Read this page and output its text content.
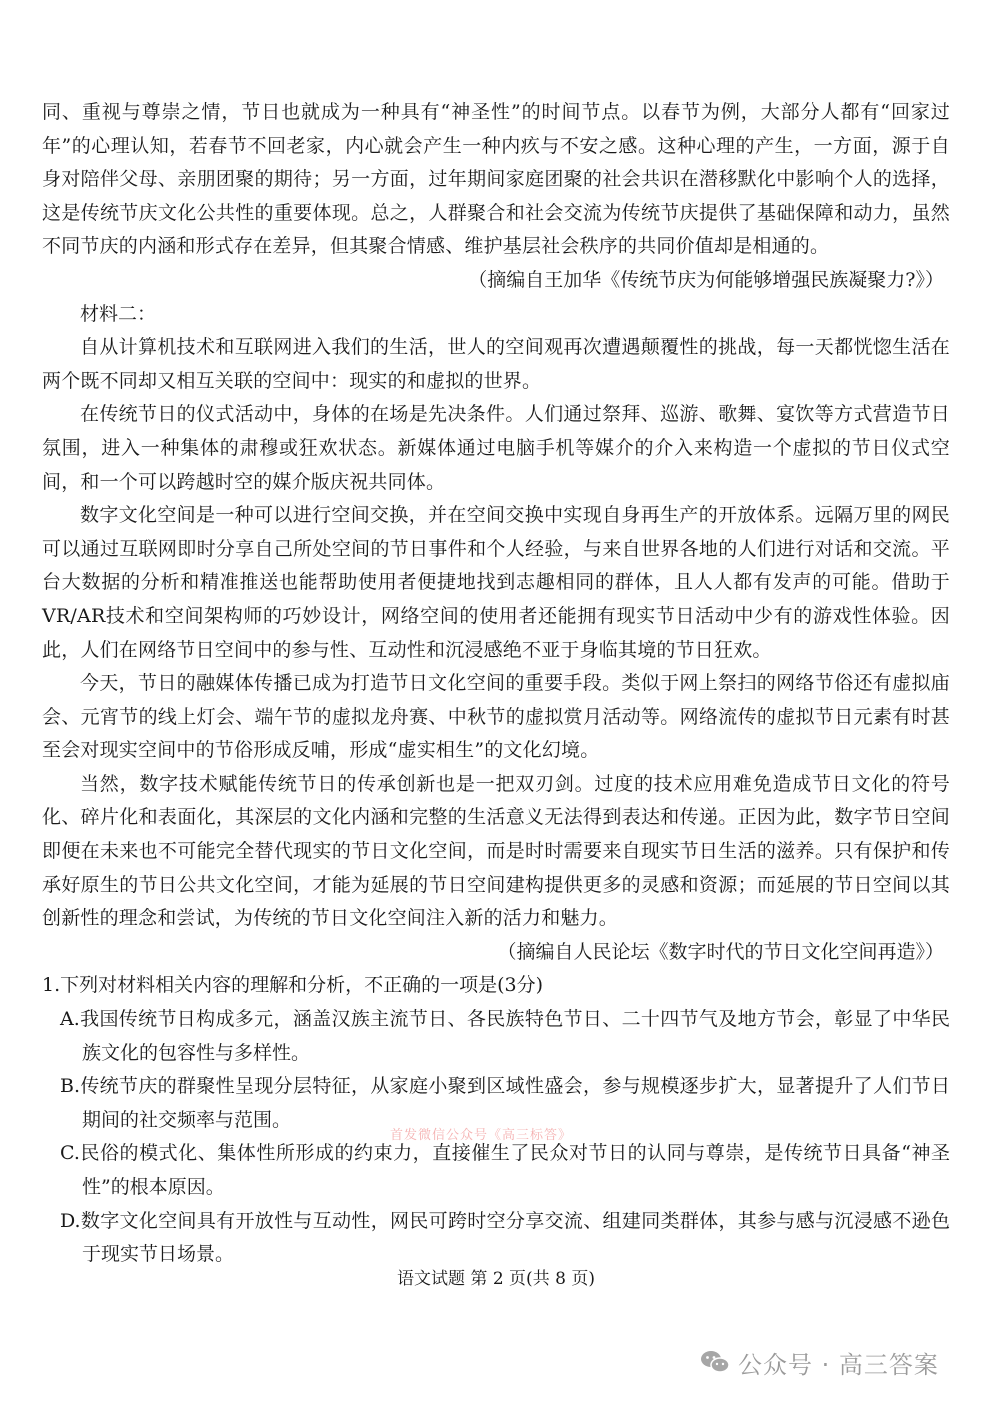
同、重视与尊崇之情，节日也就成为一种具有“神圣性”的时间节点。以春节为例，大部分人都有“回家过年”的心理认知，若春节不回老家，内心就会产生一种内疚与不安之感。这种心理的产生，一方面，源于自身对陪伴父母、亲朋团聚的期待；另一方面，过年期间家庭团聚的社会共识在潜移默化中影响个人的选择，这是传统节庆文化公共性的重要体现。总之，人群聚合和社会交流为传统节庆提供了基础保障和动力，虽然不同节庆的内涵和形式存在差异，但其聚合情感、维护基层社会秩序的共同价值却是相通的。

（摘编自王加华《传统节庆为何能够增强民族凝聚力?》）

材料二：

自从计算机技术和互联网进入我们的生活，世人的空间观再次遭遇颠覆性的挑战，每一天都恍惚生活在两个既不同却又相互关联的空间中：现实的和虚拟的世界。

在传统节日的仪式活动中，身体的在场是先决条件。人们通过祭拜、巡游、歌舞、宴饮等方式营造节日氛围，进入一种集体的肃穆或狂欢状态。新媒体通过电脑手机等媒介的介入来构造一个虚拟的节日仪式空间，和一个可以跨越时空的媒介版庆祝共同体。

数字文化空间是一种可以进行空间交换，并在空间交换中实现自身再生产的开放体系。远隔万里的网民可以通过互联网即时分享自己所处空间的节日事件和个人经验，与来自世界各地的人们进行对话和交流。平台大数据的分析和精准推送也能帮助使用者便捷地找到志趣相同的群体，且人人都有发声的可能。借助于VR/AR技术和空间架构师的巧妙设计，网络空间的使用者还能拥有现实节日活动中少有的游戏性体验。因此，人们在网络节日空间中的参与性、互动性和沉浸感绝不亚于身临其境的节日狂欢。

今天，节日的融媒体传播已成为打造节日文化空间的重要手段。类似于网上祭扫的网络节俗还有虚拟庙会、元宵节的线上灯会、端午节的虚拟龙舟赛、中秋节的虚拟赏月活动等。网络流传的虚拟节日元素有时甚至会对现实空间中的节俗形成反哺，形成“虚实相生”的文化幻境。

当然，数字技术赋能传统节日的传承创新也是一把双刃剑。过度的技术应用难免造成节日文化的符号化、碎片化和表面化，其深层的文化内涵和完整的生活意义无法得到表达和传递。正因为此，数字节日空间即便在未来也不可能完全替代现实的节日文化空间，而是时时需要来自现实节日生活的滋养。只有保护和传承好原生的节日公共文化空间，才能为延展的节日空间建构提供更多的灵感和资源；而延展的节日空间以其创新性的理念和尝试，为传统的节日文化空间注入新的活力和魅力。

（摘编自人民论坛《数字时代的节日文化空间再造》）

1.下列对材料相关内容的理解和分析，不正确的一项是(3分)

A.我国传统节日构成多元，涵盖汉族主流节日、各民族特色节日、二十四节气及地方节会，彰显了中华民族文化的包容性与多样性。

B.传统节庆的群聚性呈现分层特征，从家庭小聚到区域性盛会，参与规模逐步扩大，显著提升了人们节日期间的社交频率与范围。

C.民俗的模式化、集体性所形成的约束力，直接催生了民众对节日的认同与尊崇，是传统节日具备“神圣性”的根本原因。

D.数字文化空间具有开放性与互动性，网民可跨时空分享交流、组建同类群体，其参与感与沉浸感不逊色于现实节日场景。

首发微信公众号《高三标答》
语文试题 第 2 页(共 8 页)
公众号 · 高三答案
